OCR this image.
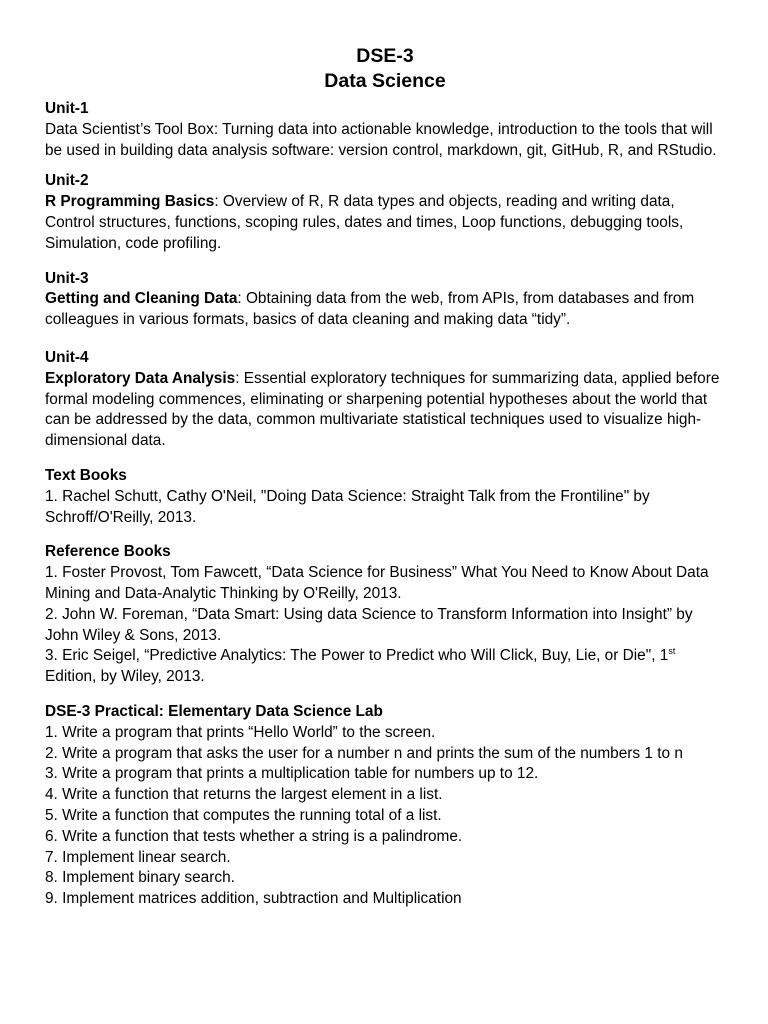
DSE-3

Data Science

Unit-1

Data Scientist’s Tool Box: Turning data into actionable knowledge, introduction to the tools that will be used in building data analysis software: version control, markdown, git, GitHub, R, and RStudio.

Unit-2

R Programming Basics: Overview of R, R data types and objects, reading and writing data, Control structures, functions, scoping rules, dates and times, Loop functions, debugging tools, Simulation, code profiling.

Unit-3

Getting and Cleaning Data: Obtaining data from the web, from APIs, from databases and from colleagues in various formats, basics of data cleaning and making data “tidy”.

Unit-4

Exploratory Data Analysis: Essential exploratory techniques for summarizing data, applied before formal modeling commences, eliminating or sharpening potential hypotheses about the world that can be addressed by the data, common multivariate statistical techniques used to visualize high-dimensional data.

Text Books

1. Rachel Schutt, Cathy O'Neil, "Doing Data Science: Straight Talk from the Frontiline" by Schroff/O'Reilly, 2013.

Reference Books

1. Foster Provost, Tom Fawcett, “Data Science for Business” What You Need to Know About Data Mining and Data-Analytic Thinking by O'Reilly, 2013.

2. John W. Foreman, “Data Smart: Using data Science to Transform Information into Insight” by John Wiley & Sons, 2013.

3. Eric Seigel, “Predictive Analytics: The Power to Predict who Will Click, Buy, Lie, or Die", 1st Edition, by Wiley, 2013.

DSE-3 Practical: Elementary Data Science Lab

1. Write a program that prints “Hello World” to the screen.

2. Write a program that asks the user for a number n and prints the sum of the numbers 1 to n

3. Write a program that prints a multiplication table for numbers up to 12.

4. Write a function that returns the largest element in a list.

5. Write a function that computes the running total of a list.

6. Write a function that tests whether a string is a palindrome.

7. Implement linear search.

8. Implement binary search.

9. Implement matrices addition, subtraction and Multiplication
